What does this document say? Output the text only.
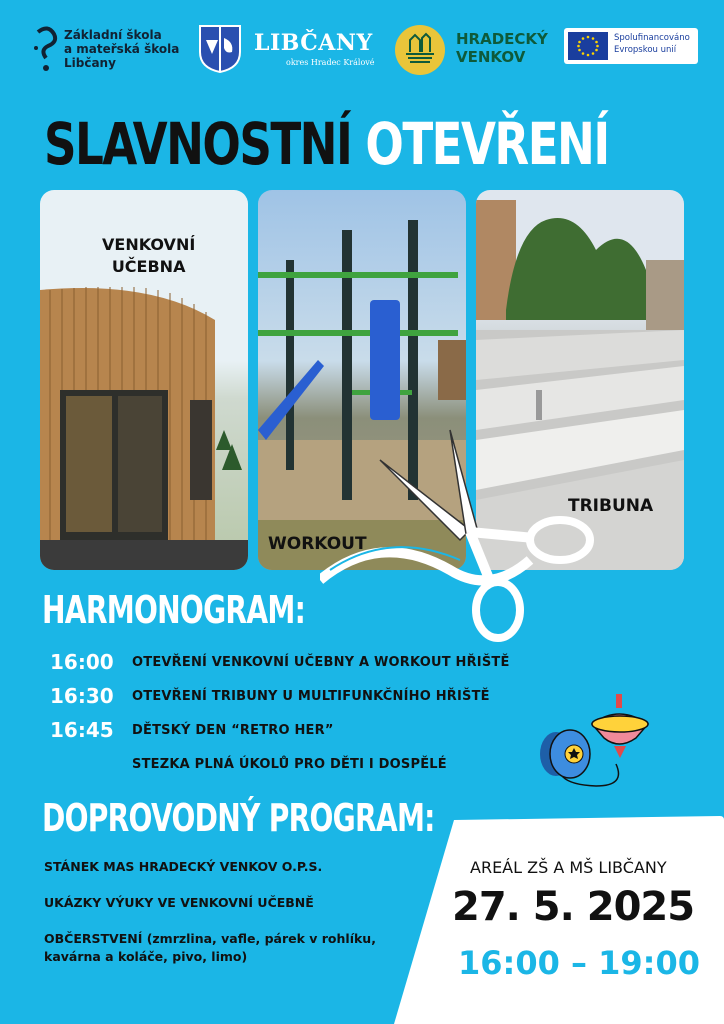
Základní škola
a mateřská škola
Libčany
LIBČANY
okres Hradec Králové
HRADECKÝ
VENKOV
Spolufinancováno
Evropskou unií
VENKOVNÍ
UČEBNA
WORKOUT
TRIBUNA
SLAVNOSTNÍ OTEVŘENÍ
HARMONOGRAM:
16:00 OTEVŘENÍ VENKOVNÍ UČEBNY A WORKOUT HŘIŠTĚ
16:30 OTEVŘENÍ TRIBUNY U MULTIFUNKČNÍHO HŘIŠTĚ
16:45 DĚTSKÝ DEN “RETRO HER”
STEZKA PLNÁ ÚKOLŮ PRO DĚTI I DOSPĚLÉ
DOPROVODNÝ PROGRAM:
STÁNEK MAS HRADECKÝ VENKOV O.P.S.
UKÁZKY VÝUKY VE VENKOVNÍ UČEBNĚ
OBČERSTVENÍ (zmrzlina, vafle, párek v rohlíku,
kavárna a koláče, pivo, limo)
AREÁL ZŠ A MŠ LIBČANY
27. 5. 2025
16:00 – 19:00
